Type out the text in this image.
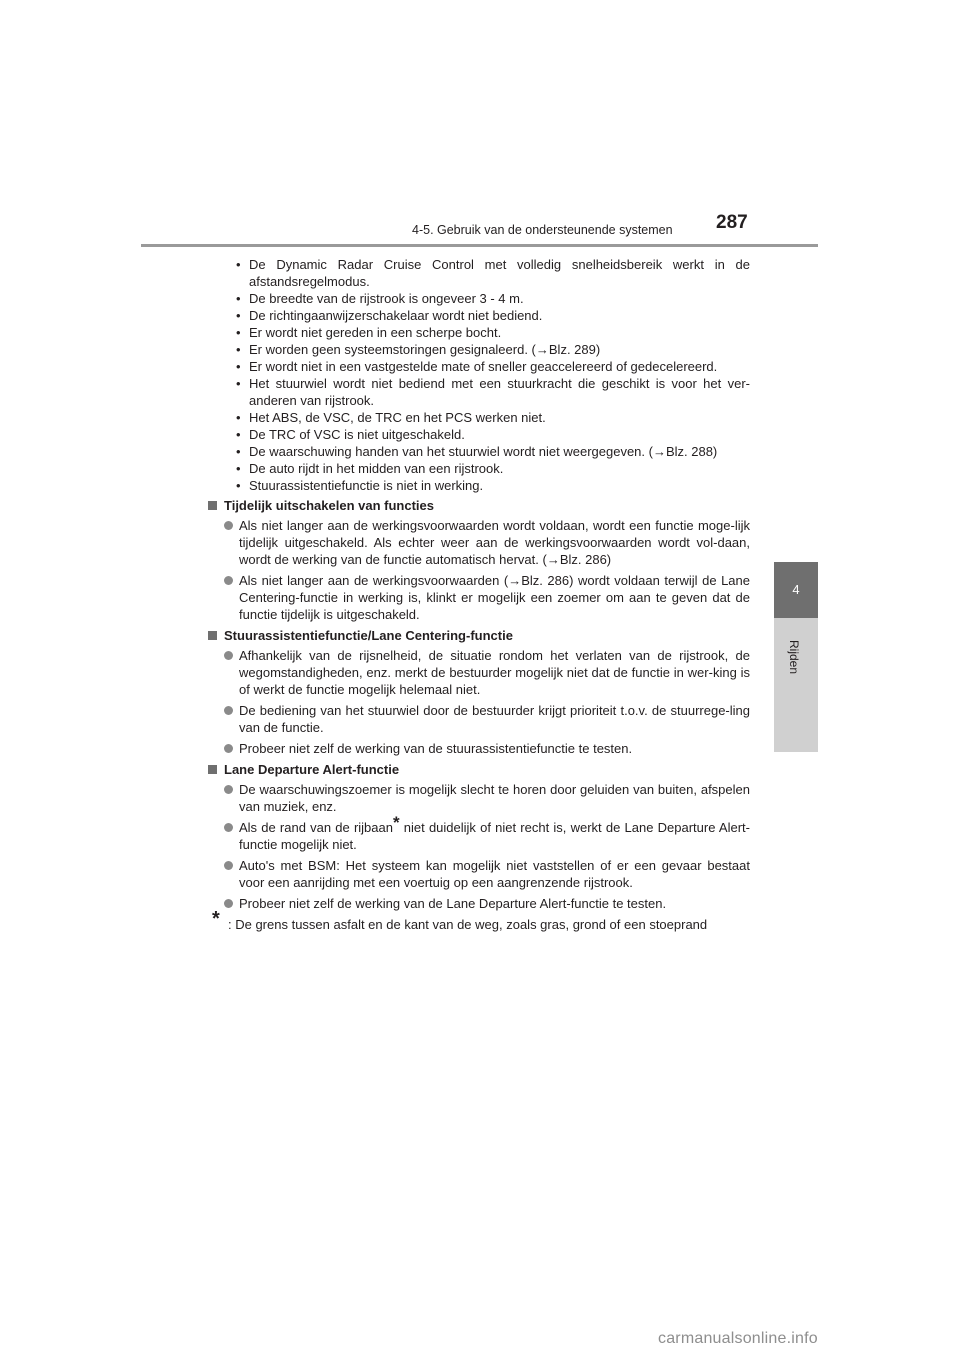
4-5. Gebruik van de ondersteunende systemen	287
4
Rijden

• De Dynamic Radar Cruise Control met volledig snelheidsbereik werkt in de afstandsregelmodus.

• De breedte van de rijstrook is ongeveer 3 - 4 m.

• De richtingaanwijzerschakelaar wordt niet bediend.

• Er wordt niet gereden in een scherpe bocht.

• Er worden geen systeemstoringen gesignaleerd. (→Blz. 289)

• Er wordt niet in een vastgestelde mate of sneller geaccelereerd of gedecelereerd.

• Het stuurwiel wordt niet bediend met een stuurkracht die geschikt is voor het ver-anderen van rijstrook.

• Het ABS, de VSC, de TRC en het PCS werken niet.

• De TRC of VSC is niet uitgeschakeld.

• De waarschuwing handen van het stuurwiel wordt niet weergegeven. (→Blz. 288)

• De auto rijdt in het midden van een rijstrook.

• Stuurassistentiefunctie is niet in werking.

Tijdelijk uitschakelen van functies

Als niet langer aan de werkingsvoorwaarden wordt voldaan, wordt een functie moge-lijk tijdelijk uitgeschakeld. Als echter weer aan de werkingsvoorwaarden wordt vol-daan, wordt de werking van de functie automatisch hervat. (→Blz. 286)

Als niet langer aan de werkingsvoorwaarden (→Blz. 286) wordt voldaan terwijl de Lane Centering-functie in werking is, klinkt er mogelijk een zoemer om aan te geven dat de functie tijdelijk is uitgeschakeld.

Stuurassistentiefunctie/Lane Centering-functie

Afhankelijk van de rijsnelheid, de situatie rondom het verlaten van de rijstrook, de wegomstandigheden, enz. merkt de bestuurder mogelijk niet dat de functie in wer-king is of werkt de functie mogelijk helemaal niet.

De bediening van het stuurwiel door de bestuurder krijgt prioriteit t.o.v. de stuurrege-ling van de functie.

Probeer niet zelf de werking van de stuurassistentiefunctie te testen.

Lane Departure Alert-functie

De waarschuwingszoemer is mogelijk slecht te horen door geluiden van buiten, afspelen van muziek, enz.

Als de rand van de rijbaan* niet duidelijk of niet recht is, werkt de Lane Departure Alert-functie mogelijk niet.

Auto's met BSM: Het systeem kan mogelijk niet vaststellen of er een gevaar bestaat voor een aanrijding met een voertuig op een aangrenzende rijstrook.

Probeer niet zelf de werking van de Lane Departure Alert-functie te testen.

* : De grens tussen asfalt en de kant van de weg, zoals gras, grond of een stoeprand
carmanualsonline.info
